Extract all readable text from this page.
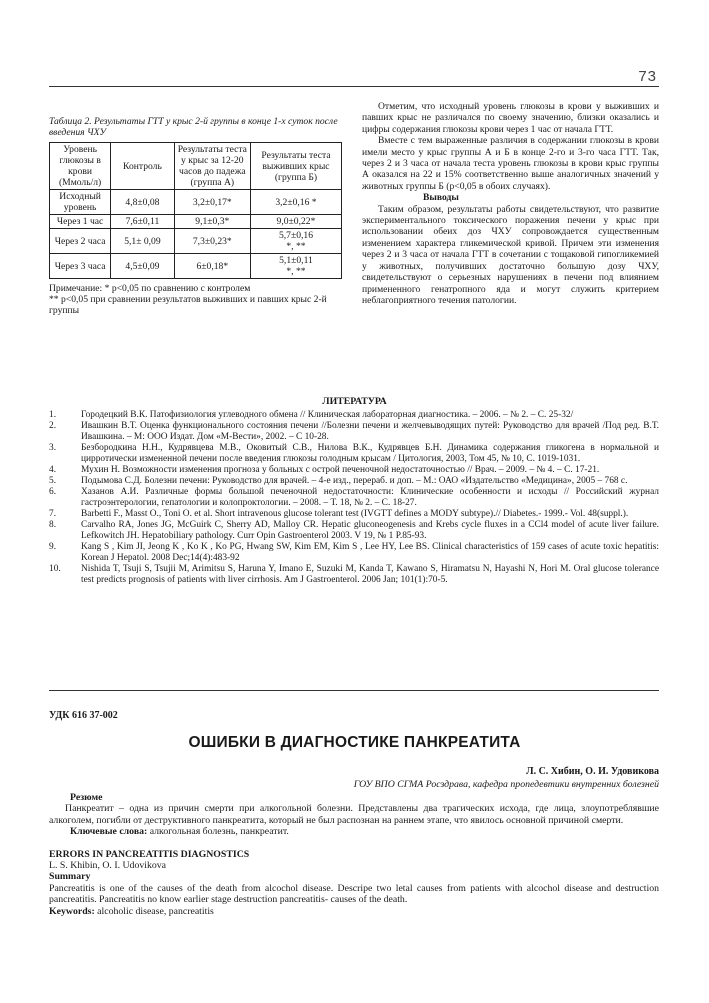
73
Таблица 2. Результаты ГТТ у крыс 2-й группы в конце 1-х суток после введения ЧХУ
Уровень глюкозы в крови (Ммоль/л)	Контроль	Результаты теста у крыс за 12-20 часов до падежа (группа А)	Результаты теста выживших крыс (группа Б)
Исходный уровень	4,8±0,08	3,2±0,17*	3,2±0,16 *
Через 1 час	7,6±0,11	9,1±0,3*	9,0±0,22*
Через 2 часа	5,1± 0,09	7,3±0,23*	5,7±0,16 *, **
Через 3 часа	4,5±0,09	6±0,18*	5,1±0,11 *, **
Примечание: * p<0,05 по сравнению с контролем
** p<0,05 при сравнении результатов выживших и павших крыс 2-й группы

Отметим, что исходный уровень глюкозы в крови у выживших и павших крыс не различался по своему значению, близки оказались и цифры содержания глюкозы крови через 1 час от начала ГТТ.

Вместе с тем выраженные различия в содержании глюкозы в крови имели место у крыс группы А и Б в конце 2-го и 3-го часа ГТТ. Так, через 2 и 3 часа от начала теста уровень глюкозы в крови крыс группы А оказался на 22 и 15% соответственно выше аналогичных значений у животных группы Б (p<0,05 в обоих случаях).

Выводы

Таким образом, результаты работы свидетельствуют, что развитие экспериментального токсического поражения печени у крыс при использовании обеих доз ЧХУ сопровождается существенным изменением характера гликемической кривой. Причем эти изменения через 2 и 3 часа от начала ГТТ в сочетании с тощаковой гипогликемией у животных, получивших достаточно большую дозу ЧХУ, свидетельствуют о серьезных нарушениях в печени под влиянием примененного генатропного яда и могут служить критерием неблагоприятного течения патологии.

ЛИТЕРАТУРА
1.	Городецкий В.К. Патофизиология углеводного обмена // Клиническая лабораторная диагностика. – 2006. – № 2. – С. 25-32/
2.	Ивашкин В.Т. Оценка функционального состояния печени //Болезни печени и желчевыводящих путей: Руководство для врачей /Под ред. В.Т. Ивашкина. – М: ООО Издат. Дом «М-Вести», 2002. – С 10-28.
3.	Безбородкина Н.Н., Кудрявцева М.В., Оковитый С.В., Нилова В.К., Кудрявцев Б.Н. Динамика содержания гликогена в нормальной и цирротически измененной печени после введения глюкозы голодным крысам / Цитология, 2003, Том 45, № 10, С. 1019-1031.
4.	Мухин Н. Возможности изменения прогноза у больных с острой печеночной недостаточностью // Врач. – 2009. – № 4. – С. 17-21.
5.	Подымова С.Д. Болезни печени: Руководство для врачей. – 4-е изд., перераб. и доп. – М.: ОАО «Издательство «Медицина», 2005 – 768 с.
6.	Хазанов А.И. Различные формы большой печеночной недостаточности: Клинические особенности и исходы // Российский журнал гастроэнтерологии, гепатологии и колопроктологии. – 2008. – Т. 18, № 2. – С. 18-27.
7.	Barbetti F., Masst O., Toni O. et al. Short intravenous glucose tolerant test (IVGTT defines a MODY subtype).// Diabetes.- 1999.- Vol. 48(suppl.).
8.	Carvalho RA, Jones JG, McGuirk C, Sherry AD, Malloy CR. Hepatic gluconeogenesis and Krebs cycle fluxes in a CCl4 model of acute liver failure. Lefkowitch JH. Hepatobiliary pathology. Curr Opin Gastroenterol 2003. V 19, № 1 P.85-93.
9.	Kang S , Kim JI, Jeong K , Ko K , Ko PG, Hwang SW, Kim EM, Kim S , Lee HY, Lee BS. Clinical characteristics of 159 cases of acute toxic hepatitis: Korean J Hepatol. 2008 Dec;14(4):483-92
10. Nishida T, Tsuji S, Tsujii M, Arimitsu S, Haruna Y, Imano E, Suzuki M, Kanda T, Kawano S, Hiramatsu N, Hayashi N, Hori M. Oral glucose tolerance test predicts prognosis of patients with liver cirrhosis. Am J Gastroenterol. 2006 Jan; 101(1):70-5.
УДК 616 37-002
ОШИБКИ В ДИАГНОСТИКЕ ПАНКРЕАТИТА
Л. С. Хибин, О. И. Удовикова
ГОУ ВПО СГМА Росздрава, кафедра пропедевтики внутренних болезней

Резюме

Панкреатит – одна из причин смерти при алкогольной болезни. Представлены два трагических исхода, где лица, злоупотреблявшие алкоголем, погибли от деструктивного панкреатита, который не был распознан на раннем этапе, что явилось основной причиной смерти.

Ключевые слова: алкогольная болезнь, панкреатит.

ERRORS IN PANCREATITIS DIAGNOSTICS

L. S. Khibin, O. I. Udovikova

Summary

Pancreatitis is one of the causes of the death from alcochol disease. Descripe two letal causes from patients with alcochol disease and destruction pancreatitis. Pancreatitis no know earlier stage destruction pancreatitis- causes of the death.

Keywords: alcoholic disease, pancreatitis
